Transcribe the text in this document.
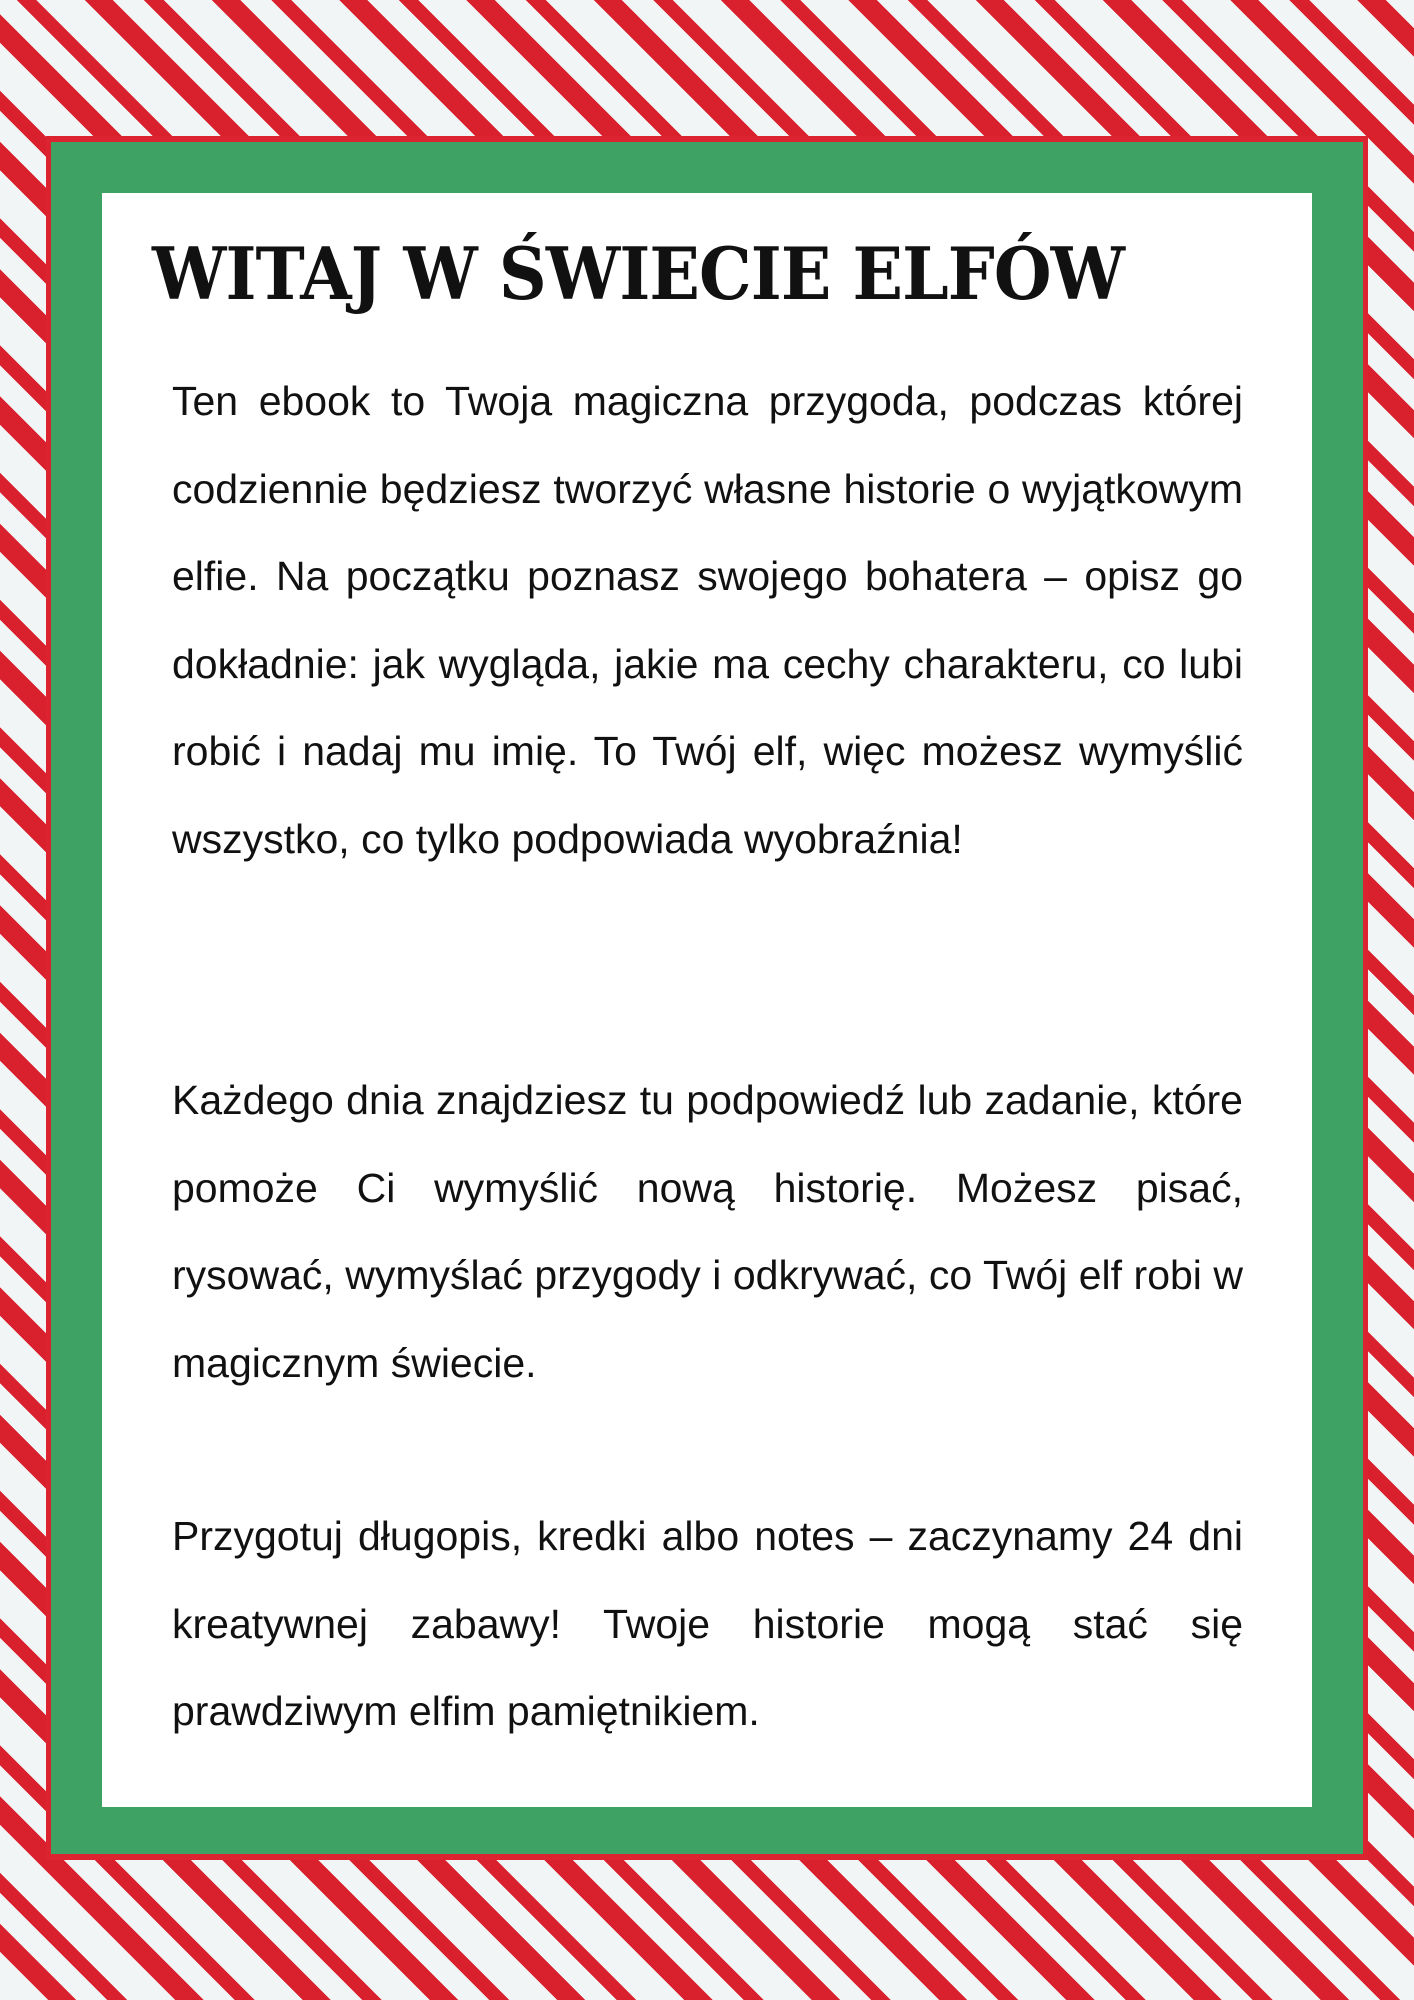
WITAJ W ŚWIECIE ELFÓW

Ten ebook to Twoja magiczna przygoda, podczas której codziennie będziesz tworzyć własne historie o wyjątkowym elfie. Na początku poznasz swojego bohatera – opisz go dokładnie: jak wygląda, jakie ma cechy charakteru, co lubi robić i nadaj mu imię. To Twój elf, więc możesz wymyślić wszystko, co tylko podpowiada wyobraźnia!

Każdego dnia znajdziesz tu podpowiedź lub zadanie, które pomoże Ci wymyślić nową historię. Możesz pisać, rysować, wymyślać przygody i odkrywać, co Twój elf robi w magicznym świecie.

Przygotuj długopis, kredki albo notes – zaczynamy 24 dni kreatywnej zabawy! Twoje historie mogą stać się prawdziwym elfim pamiętnikiem.
